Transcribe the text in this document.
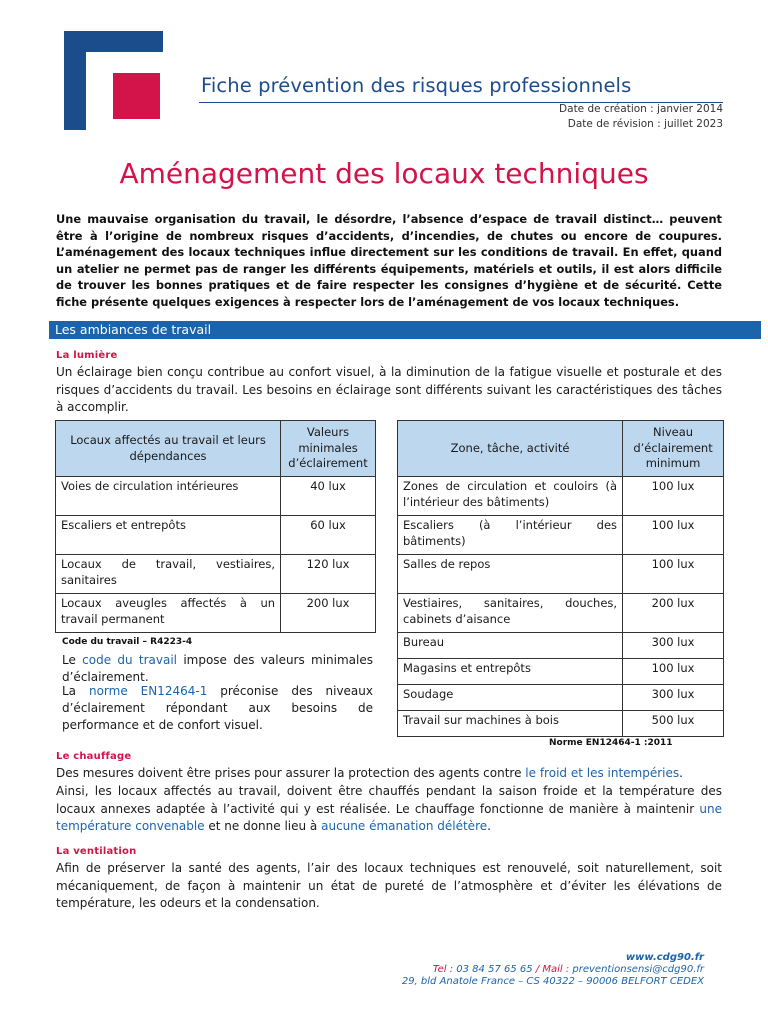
Fiche prévention des risques professionnels
Date de création : janvier 2014
Date de révision : juillet 2023
Aménagement des locaux techniques
Une mauvaise organisation du travail, le désordre, l’absence d’espace de travail distinct… peuvent être à l’origine de nombreux risques d’accidents, d’incendies, de chutes ou encore de coupures. L’aménagement des locaux techniques influe directement sur les conditions de travail. En effet, quand un atelier ne permet pas de ranger les différents équipements, matériels et outils, il est alors difficile de trouver les bonnes pratiques et de faire respecter les consignes d’hygiène et de sécurité. Cette fiche présente quelques exigences à respecter lors de l’aménagement de vos locaux techniques.
Les ambiances de travail
La lumière
Un éclairage bien conçu contribue au confort visuel, à la diminution de la fatigue visuelle et posturale et des risques d’accidents du travail. Les besoins en éclairage sont différents suivant les caractéristiques des tâches à accomplir.
Locaux affectés au travail et leurs dépendances	Valeurs minimales d’éclairement
Voies de circulation intérieures	40 lux
Escaliers et entrepôts	60 lux
Locaux de travail, vestiaires, sanitaires	120 lux
Locaux aveugles affectés à un travail permanent	200 lux
Code du travail – R4223-4
Le code du travail impose des valeurs minimales d’éclairement.
La norme EN12464-1 préconise des niveaux d’éclairement répondant aux besoins de performance et de confort visuel.
Zone, tâche, activité	Niveau d’éclairement minimum
Zones de circulation et couloirs (à l’intérieur des bâtiments)	100 lux
Escaliers (à l’intérieur des bâtiments)	100 lux
Salles de repos	100 lux
Vestiaires, sanitaires, douches, cabinets d’aisance	200 lux
Bureau	300 lux
Magasins et entrepôts	100 lux
Soudage	300 lux
Travail sur machines à bois	500 lux
Norme EN12464-1 :2011
Le chauffage
Des mesures doivent être prises pour assurer la protection des agents contre le froid et les intempéries.
Ainsi, les locaux affectés au travail, doivent être chauffés pendant la saison froide et la température des locaux annexes adaptée à l’activité qui y est réalisée. Le chauffage fonctionne de manière à maintenir une température convenable et ne donne lieu à aucune émanation délétère.
La ventilation
Afin de préserver la santé des agents, l’air des locaux techniques est renouvelé, soit naturellement, soit mécaniquement, de façon à maintenir un état de pureté de l’atmosphère et d’éviter les élévations de température, les odeurs et la condensation.
www.cdg90.fr
Tel : 03 84 57 65 65 / Mail : preventionsensi@cdg90.fr
29, bld Anatole France – CS 40322 – 90006 BELFORT CEDEX
